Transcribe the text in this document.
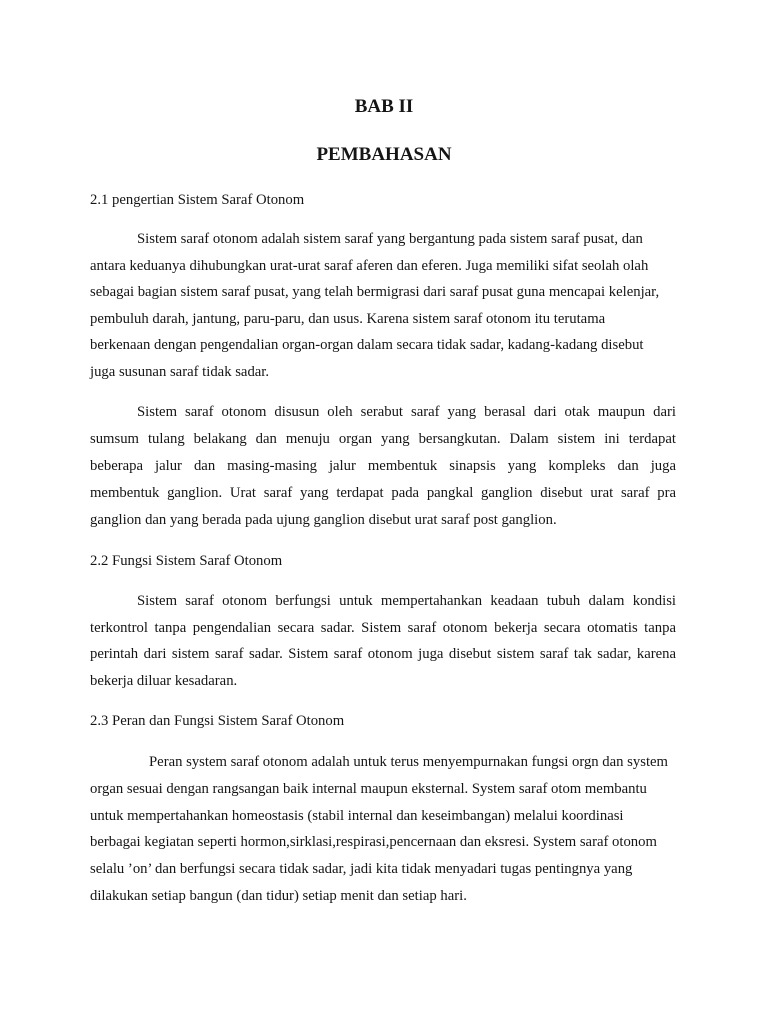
BAB II
PEMBAHASAN
2.1 pengertian Sistem Saraf Otonom
Sistem saraf otonom adalah sistem saraf yang bergantung pada sistem saraf pusat, dan
antara keduanya dihubungkan urat-urat saraf aferen dan eferen. Juga memiliki sifat seolah olah
sebagai bagian sistem saraf pusat, yang telah bermigrasi dari saraf pusat guna mencapai kelenjar,
pembuluh darah, jantung, paru-paru, dan usus. Karena sistem saraf otonom itu terutama
berkenaan dengan pengendalian organ-organ dalam secara tidak sadar, kadang-kadang disebut
juga susunan saraf tidak sadar.
Sistem saraf otonom disusun oleh serabut saraf yang berasal dari otak maupun dari
sumsum tulang belakang dan menuju organ yang bersangkutan. Dalam sistem ini terdapat
beberapa jalur dan masing-masing jalur membentuk sinapsis yang kompleks dan juga
membentuk ganglion. Urat saraf yang terdapat pada pangkal ganglion disebut urat saraf pra
ganglion dan yang berada pada ujung ganglion disebut urat saraf post ganglion.
2.2 Fungsi Sistem Saraf Otonom
Sistem saraf otonom berfungsi untuk mempertahankan keadaan tubuh dalam kondisi
terkontrol tanpa pengendalian secara sadar. Sistem saraf otonom bekerja secara otomatis tanpa
perintah dari sistem saraf sadar. Sistem saraf otonom juga disebut sistem saraf tak sadar, karena
bekerja diluar kesadaran.
2.3 Peran dan Fungsi Sistem Saraf Otonom
Peran system saraf otonom adalah untuk terus menyempurnakan fungsi orgn dan system
organ sesuai dengan rangsangan baik internal maupun eksternal. System saraf otom membantu
untuk mempertahankan homeostasis (stabil internal dan keseimbangan) melalui koordinasi
berbagai kegiatan seperti hormon,sirklasi,respirasi,pencernaan dan eksresi. System saraf otonom
selalu ’on’ dan berfungsi secara tidak sadar, jadi kita tidak menyadari tugas pentingnya yang
dilakukan setiap bangun (dan tidur) setiap menit dan setiap hari.
